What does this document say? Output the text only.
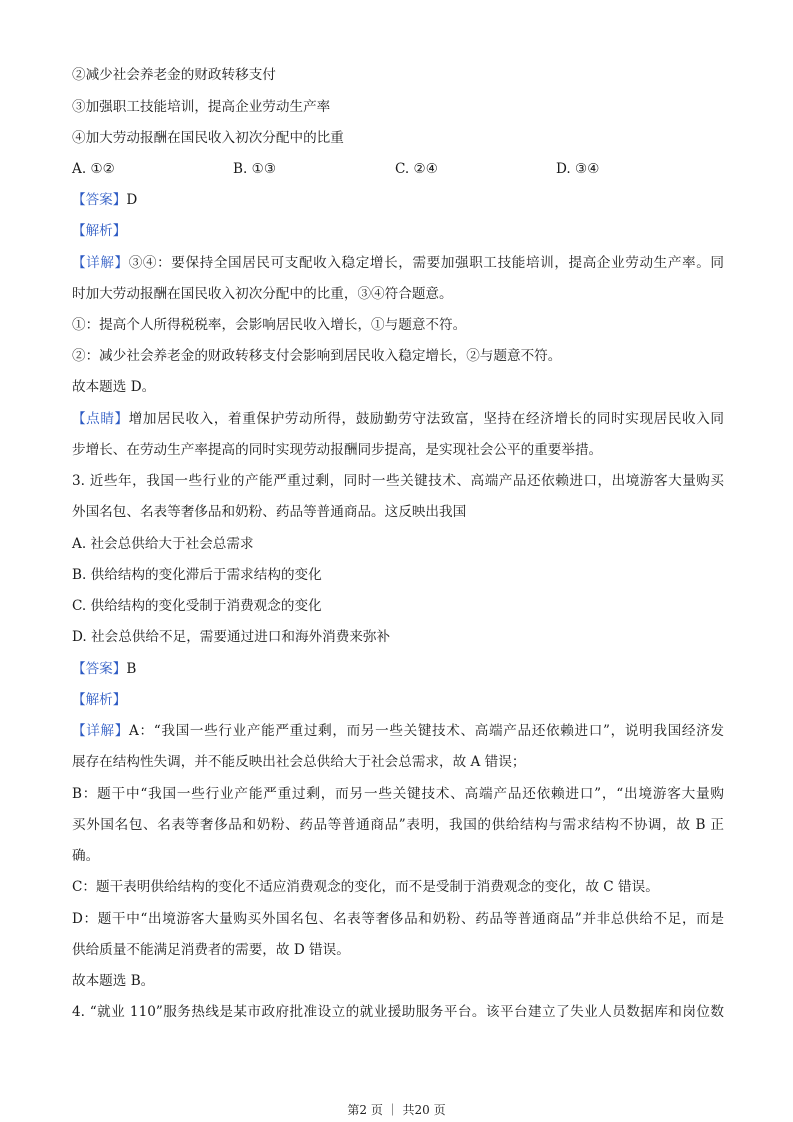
②减少社会养老金的财政转移支付
③加强职工技能培训，提高企业劳动生产率
④加大劳动报酬在国民收入初次分配中的比重
A. ①②	B. ①③	C. ②④	D. ③④
【答案】D
【解析】
【详解】③④：要保持全国居民可支配收入稳定增长，需要加强职工技能培训，提高企业劳动生产率。同
时加大劳动报酬在国民收入初次分配中的比重，③④符合题意。
①：提高个人所得税税率，会影响居民收入增长，①与题意不符。
②：减少社会养老金的财政转移支付会影响到居民收入稳定增长，②与题意不符。
故本题选 D。
【点睛】增加居民收入，着重保护劳动所得，鼓励勤劳守法致富，坚持在经济增长的同时实现居民收入同
步增长、在劳动生产率提高的同时实现劳动报酬同步提高，是实现社会公平的重要举措。
3. 近些年，我国一些行业的产能严重过剩，同时一些关键技术、高端产品还依赖进口，出境游客大量购买
外国名包、名表等奢侈品和奶粉、药品等普通商品。这反映出我国
A. 社会总供给大于社会总需求
B. 供给结构的变化滞后于需求结构的变化
C. 供给结构的变化受制于消费观念的变化
D. 社会总供给不足，需要通过进口和海外消费来弥补
【答案】B
【解析】
【详解】A：“我国一些行业产能严重过剩，而另一些关键技术、高端产品还依赖进口”，说明我国经济发
展存在结构性失调，并不能反映出社会总供给大于社会总需求，故 A 错误；
B：题干中“我国一些行业产能严重过剩，而另一些关键技术、高端产品还依赖进口”，“出境游客大量购
买外国名包、名表等奢侈品和奶粉、药品等普通商品”表明，我国的供给结构与需求结构不协调，故 B 正
确。
C：题干表明供给结构的变化不适应消费观念的变化，而不是受制于消费观念的变化，故 C 错误。
D：题干中“出境游客大量购买外国名包、名表等奢侈品和奶粉、药品等普通商品”并非总供给不足，而是
供给质量不能满足消费者的需要，故 D 错误。
故本题选 B。
4. “就业 110”服务热线是某市政府批准设立的就业援助服务平台。该平台建立了失业人员数据库和岗位数
第2 页 ｜ 共20 页
